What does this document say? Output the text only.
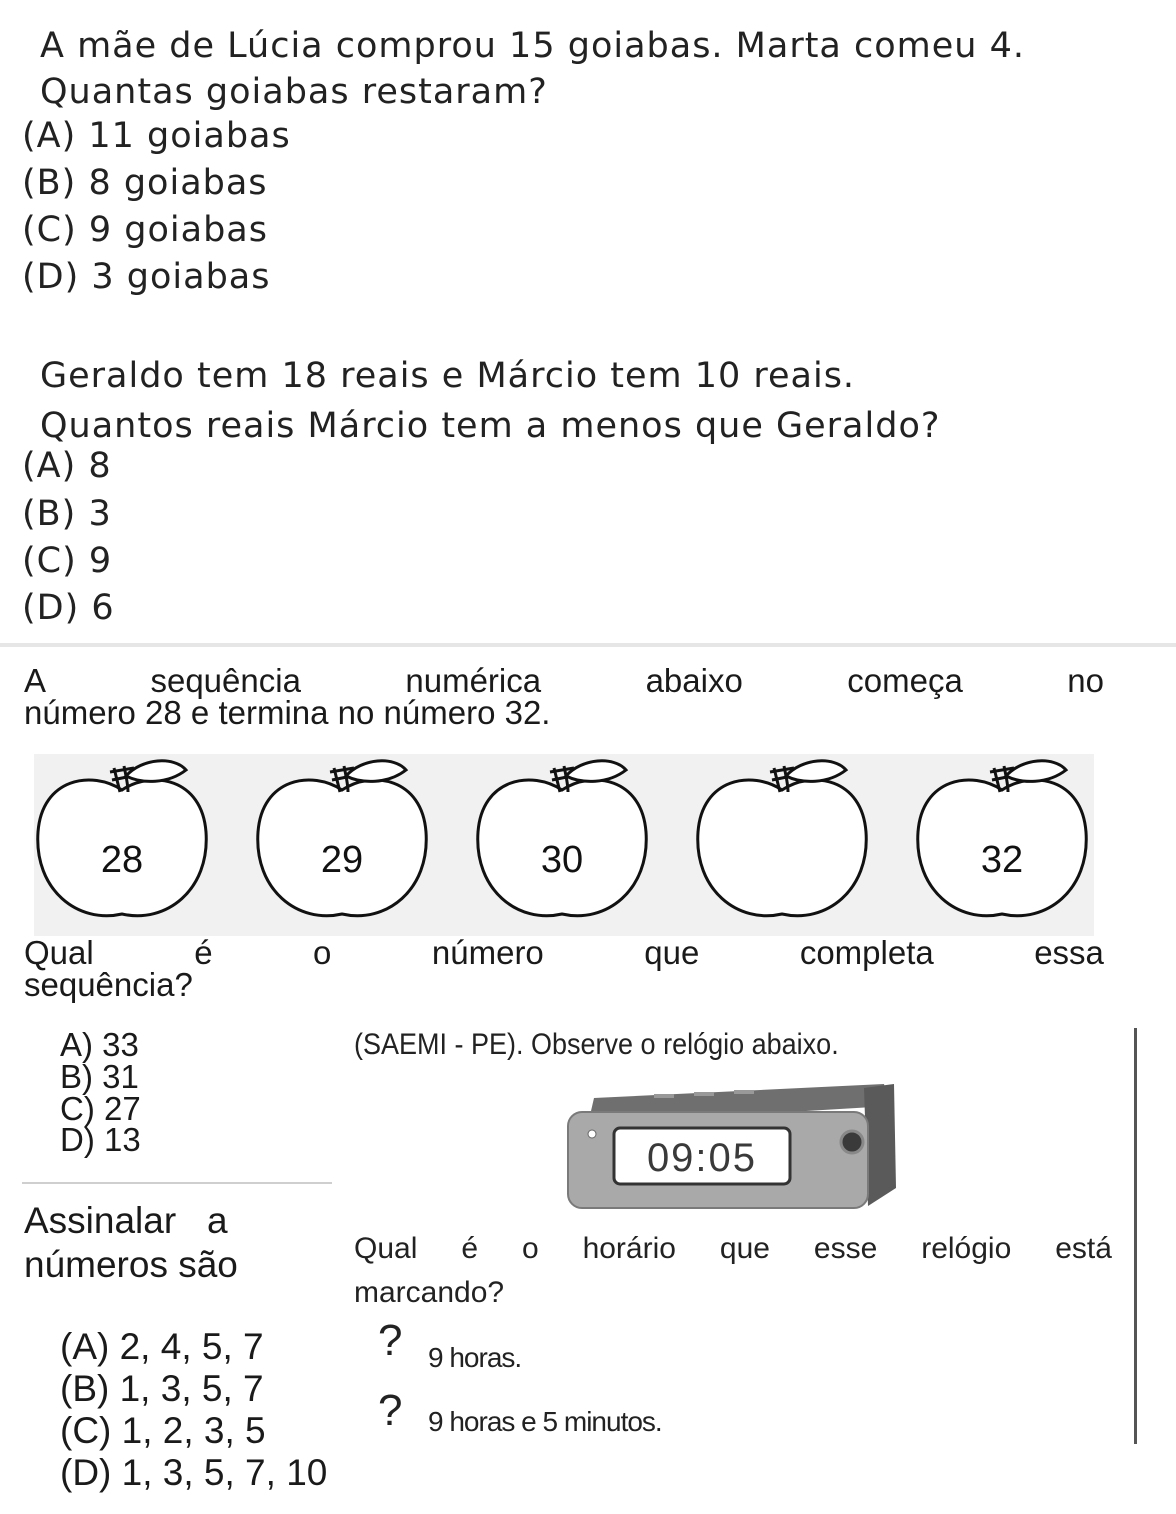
A mãe de Lúcia comprou 15 goiabas. Marta comeu 4.
Quantas goiabas restaram?
(A) 11 goiabas
(B) 8 goiabas
(C) 9 goiabas
(D) 3 goiabas
Geraldo tem 18 reais e Márcio tem 10 reais.
Quantos reais Márcio tem a menos que Geraldo?
(A) 8
(B) 3
(C) 9
(D) 6
A	sequência	numérica	abaixo	começa	no
número 28 e termina no número 32.
28	29	30	32
Qual	é	o	número	que	completa	essa
sequência?
A) 33
B) 31
C) 27
D) 13
Assinalar   a
números são
(A) 2, 4, 5, 7
(B) 1, 3, 5, 7
(C) 1, 2, 3, 5
(D) 1, 3, 5, 7, 10
(SAEMI - PE). Observe o relógio abaixo.
09:05
Qual é o horário que esse relógio está
marcando?
? 9 horas.
? 9 horas e 5 minutos.
